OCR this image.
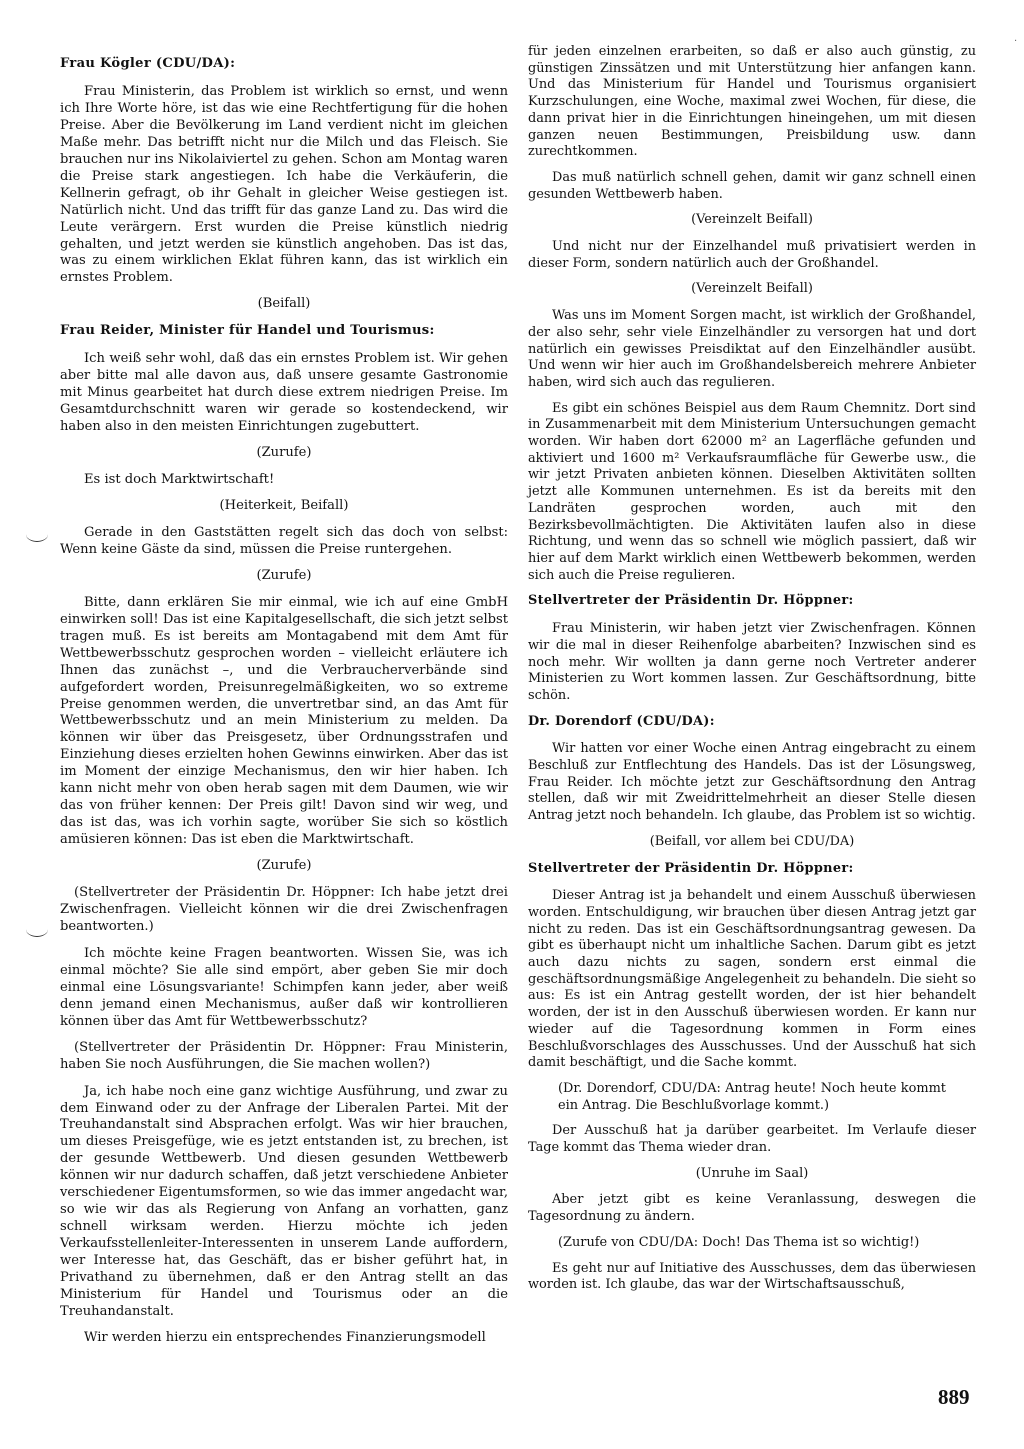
·

Frau Kögler (CDU/DA):

Frau Ministerin, das Problem ist wirklich so ernst, und wenn ich Ihre Worte höre, ist das wie eine Rechtfertigung für die hohen Preise. Aber die Bevölkerung im Land verdient nicht im gleichen Maße mehr. Das betrifft nicht nur die Milch und das Fleisch. Sie brauchen nur ins Nikolaiviertel zu gehen. Schon am Montag waren die Preise stark angestiegen. Ich habe die Verkäuferin, die Kellnerin gefragt, ob ihr Gehalt in gleicher Weise gestiegen ist. Natürlich nicht. Und das trifft für das ganze Land zu. Das wird die Leute verärgern. Erst wurden die Preise künstlich niedrig gehalten, und jetzt werden sie künstlich angehoben. Das ist das, was zu einem wirklichen Eklat führen kann, das ist wirklich ein ernstes Problem.

(Beifall)

Frau Reider, Minister für Handel und Tourismus:

Ich weiß sehr wohl, daß das ein ernstes Problem ist. Wir gehen aber bitte mal alle davon aus, daß unsere gesamte Gastronomie mit Minus gearbeitet hat durch diese extrem niedrigen Preise. Im Gesamtdurchschnitt waren wir gerade so kostendeckend, wir haben also in den meisten Einrichtungen zugebuttert.

(Zurufe)

Es ist doch Marktwirtschaft!

(Heiterkeit, Beifall)

Gerade in den Gaststätten regelt sich das doch von selbst: Wenn keine Gäste da sind, müssen die Preise runtergehen.

(Zurufe)

Bitte, dann erklären Sie mir einmal, wie ich auf eine GmbH einwirken soll! Das ist eine Kapitalgesellschaft, die sich jetzt selbst tragen muß. Es ist bereits am Montagabend mit dem Amt für Wettbewerbsschutz gesprochen worden – vielleicht erläutere ich Ihnen das zunächst –, und die Verbraucherverbände sind aufgefordert worden, Preisunregelmäßigkeiten, wo so extreme Preise genommen werden, die unvertretbar sind, an das Amt für Wettbewerbsschutz und an mein Ministerium zu melden. Da können wir über das Preisgesetz, über Ordnungsstrafen und Einziehung dieses erzielten hohen Gewinns einwirken. Aber das ist im Moment der einzige Mechanismus, den wir hier haben. Ich kann nicht mehr von oben herab sagen mit dem Daumen, wie wir das von früher kennen: Der Preis gilt! Davon sind wir weg, und das ist das, was ich vorhin sagte, worüber Sie sich so köstlich amüsieren können: Das ist eben die Marktwirtschaft.

(Zurufe)

(Stellvertreter der Präsidentin Dr. Höppner: Ich habe jetzt drei Zwischenfragen. Vielleicht können wir die drei Zwischenfragen beantworten.)

Ich möchte keine Fragen beantworten. Wissen Sie, was ich einmal möchte? Sie alle sind empört, aber geben Sie mir doch einmal eine Lösungsvariante! Schimpfen kann jeder, aber weiß denn jemand einen Mechanismus, außer daß wir kontrollieren können über das Amt für Wettbewerbsschutz?

(Stellvertreter der Präsidentin Dr. Höppner: Frau Ministerin, haben Sie noch Ausführungen, die Sie machen wollen?)

Ja, ich habe noch eine ganz wichtige Ausführung, und zwar zu dem Einwand oder zu der Anfrage der Liberalen Partei. Mit der Treuhandanstalt sind Absprachen erfolgt. Was wir hier brauchen, um dieses Preisgefüge, wie es jetzt entstanden ist, zu brechen, ist der gesunde Wettbewerb. Und diesen gesunden Wettbewerb können wir nur dadurch schaffen, daß jetzt verschiedene Anbieter verschiedener Eigentumsformen, so wie das immer angedacht war, so wie wir das als Regierung von Anfang an vorhatten, ganz schnell wirksam werden. Hierzu möchte ich jeden Verkaufsstellenleiter-Interessenten in unserem Lande auffordern, wer Interesse hat, das Geschäft, das er bisher geführt hat, in Privathand zu übernehmen, daß er den Antrag stellt an das Ministerium für Handel und Tourismus oder an die Treuhandanstalt.

Wir werden hierzu ein entsprechendes Finanzierungsmodell

für jeden einzelnen erarbeiten, so daß er also auch günstig, zu günstigen Zinssätzen und mit Unterstützung hier anfangen kann. Und das Ministerium für Handel und Tourismus organisiert Kurzschulungen, eine Woche, maximal zwei Wochen, für diese, die dann privat hier in die Einrichtungen hineingehen, um mit diesen ganzen neuen Bestimmungen, Preisbildung usw. dann zurechtkommen.

Das muß natürlich schnell gehen, damit wir ganz schnell einen gesunden Wettbewerb haben.

(Vereinzelt Beifall)

Und nicht nur der Einzelhandel muß privatisiert werden in dieser Form, sondern natürlich auch der Großhandel.

(Vereinzelt Beifall)

Was uns im Moment Sorgen macht, ist wirklich der Großhandel, der also sehr, sehr viele Einzelhändler zu versorgen hat und dort natürlich ein gewisses Preisdiktat auf den Einzelhändler ausübt. Und wenn wir hier auch im Großhandelsbereich mehrere Anbieter haben, wird sich auch das regulieren.

Es gibt ein schönes Beispiel aus dem Raum Chemnitz. Dort sind in Zusammenarbeit mit dem Ministerium Untersuchungen gemacht worden. Wir haben dort 62000 m² an Lagerfläche gefunden und aktiviert und 1600 m² Verkaufsraumfläche für Gewerbe usw., die wir jetzt Privaten anbieten können. Dieselben Aktivitäten sollten jetzt alle Kommunen unternehmen. Es ist da bereits mit den Landräten gesprochen worden, auch mit den Bezirksbevollmächtigten. Die Aktivitäten laufen also in diese Richtung, und wenn das so schnell wie möglich passiert, daß wir hier auf dem Markt wirklich einen Wettbewerb bekommen, werden sich auch die Preise regulieren.

Stellvertreter der Präsidentin Dr. Höppner:

Frau Ministerin, wir haben jetzt vier Zwischenfragen. Können wir die mal in dieser Reihenfolge abarbeiten? Inzwischen sind es noch mehr. Wir wollten ja dann gerne noch Vertreter anderer Ministerien zu Wort kommen lassen. Zur Geschäftsordnung, bitte schön.

Dr. Dorendorf (CDU/DA):

Wir hatten vor einer Woche einen Antrag eingebracht zu einem Beschluß zur Entflechtung des Handels. Das ist der Lösungsweg, Frau Reider. Ich möchte jetzt zur Geschäftsordnung den Antrag stellen, daß wir mit Zweidrittelmehrheit an dieser Stelle diesen Antrag jetzt noch behandeln. Ich glaube, das Problem ist so wichtig.

(Beifall, vor allem bei CDU/DA)

Stellvertreter der Präsidentin Dr. Höppner:

Dieser Antrag ist ja behandelt und einem Ausschuß überwiesen worden. Entschuldigung, wir brauchen über diesen Antrag jetzt gar nicht zu reden. Das ist ein Geschäftsordnungsantrag gewesen. Da gibt es überhaupt nicht um inhaltliche Sachen. Darum gibt es jetzt auch dazu nichts zu sagen, sondern erst einmal die geschäftsordnungsmäßige Angelegenheit zu behandeln. Die sieht so aus: Es ist ein Antrag gestellt worden, der ist hier behandelt worden, der ist in den Ausschuß überwiesen worden. Er kann nur wieder auf die Tagesordnung kommen in Form eines Beschlußvorschlages des Ausschusses. Und der Ausschuß hat sich damit beschäftigt, und die Sache kommt.

(Dr. Dorendorf, CDU/DA: Antrag heute! Noch heute kommt ein Antrag. Die Beschlußvorlage kommt.)

Der Ausschuß hat ja darüber gearbeitet. Im Verlaufe dieser Tage kommt das Thema wieder dran.

(Unruhe im Saal)

Aber jetzt gibt es keine Veranlassung, deswegen die Tagesordnung zu ändern.

(Zurufe von CDU/DA: Doch! Das Thema ist so wichtig!)

Es geht nur auf Initiative des Ausschusses, dem das überwiesen worden ist. Ich glaube, das war der Wirtschaftsausschuß,

889
